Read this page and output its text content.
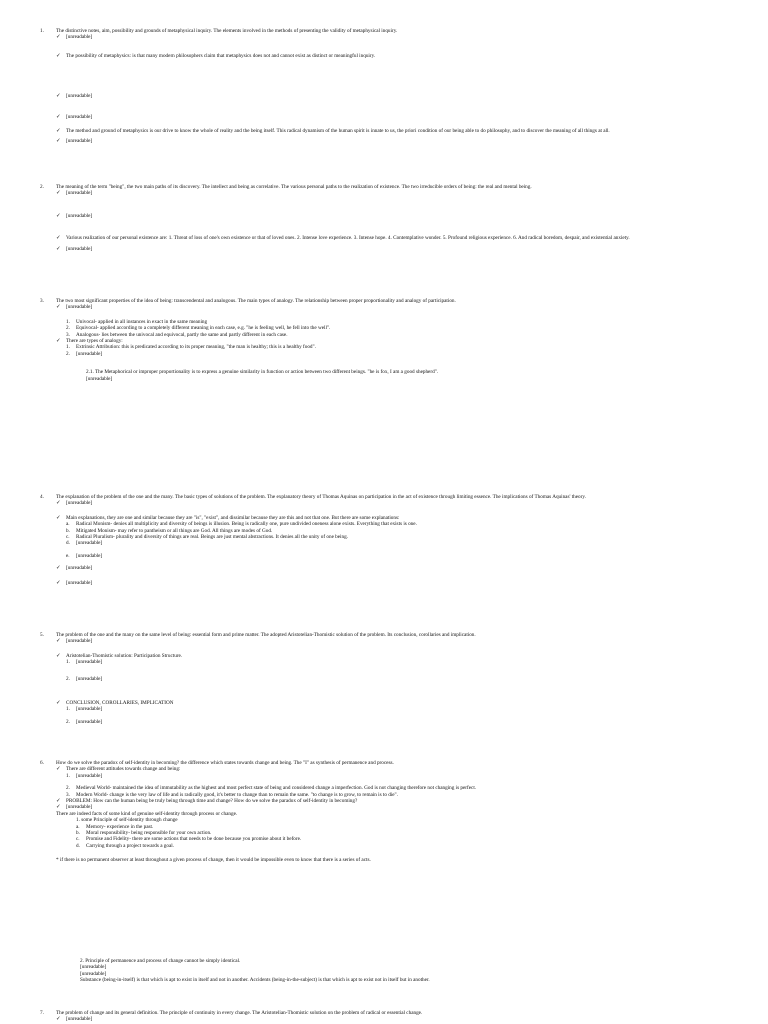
1. The distinctive notes, aim, possibility and grounds of metaphysical inquiry. The elements involved in the methods of presenting the validity of metaphysical inquiry.
✓ [unreadable]
✓ The possibility of metaphysics: is that many modern philosophers claim that metaphysics does not and cannot exist as distinct or meaningful inquiry.
✓ [unreadable]
✓ [unreadable]
✓ The method and ground of metaphysics is our drive to know the whole of reality and the being itself. This radical dynamism of the human spirit is innate to us, the priori condition of our being able to do philosophy, and to discover the meaning of all things at all.
✓ [unreadable]
2. The meaning of the term "being", the two main paths of its discovery. The intellect and being as correlative. The various personal paths to the realization of existence. The two irreducible orders of being: the real and mental being.
✓ [unreadable]
✓ [unreadable]
✓ Various realization of our personal existence are: 1. Threat of loss of one's own existence or that of loved ones. 2. Intense love experience. 3. Intense hope. 4. Contemplative wonder. 5. Profound religious experience. 6. And radical boredom, despair, and existential anxiety.
✓ [unreadable]
3. The two most significant properties of the idea of being: transcendental and analogous. The main types of analogy. The relationship between proper proportionality and analogy of participation.
✓ [unreadable]
1. Univocal- applied in all instances in exact in the same meaning
2. Equivocal- applied according to a completely different meaning in each case, e.g. "he is feeling well, he fell into the well".
3. Analogous- lies between the univocal and equivocal, partly the same and partly different in each case.
✓ There are types of analogy:
1. Extrinsic Attribution: this is predicated according to its proper meaning, "the man is healthy; this is a healthy food".
2. [unreadable]
2.1. The Metaphorical or improper proportionality is to express a genuine similarity in function or action between two different beings. "he is fox, I am a good shepherd".
[unreadable]
4. The explanation of the problem of the one and the many. The basic types of solutions of the problem. The explanatory theory of Thomas Aquinas on participation in the act of existence through limiting essence. The implications of Thomas Aquinas' theory.
✓ [unreadable]
✓ Main explanations, they are one and similar because they are "is", "exist", and dissimilar because they are this and not that one. But there are some explanations:
a. Radical Monism- denies all multiplicity and diversity of beings is illusion. Being is radically one, pure undivided oneness alone exists. Everything that exists is one.
b. Mitigated Monism- may refer to pantheism or all things are God. All things are modes of God.
c. Radical Pluralism- plurality and diversity of things are real. Beings are just mental abstractions. It denies all the unity of one being.
d. [unreadable]
e. [unreadable]
✓ [unreadable]
✓ [unreadable]
5. The problem of the one and the many on the same level of being: essential form and prime matter. The adopted Aristotelian-Thomistic solution of the problem. Its conclusion, corollaries and implication.
✓ [unreadable]
✓ Aristotelian-Thomistic solution: Participation Structure.
1. [unreadable]
2. [unreadable]
✓ CONCLUSION, COROLLARIES, IMPLICATION
1. [unreadable]
2. [unreadable]
6. How do we solve the paradox of self-identity in becoming? the difference which states towards change and being. The "I" as synthesis of permanence and process.
✓ There are different attitudes towards change and being:
1. [unreadable]
2. Medieval World- maintained the idea of immutability as the highest and most perfect state of being and considered change a imperfection. God is not changing therefore not changing is perfect.
3. Modern World- change is the very law of life and is radically good, it's better to change than to remain the same. "to change is to grow, to remain is to die".
✓ PROBLEM: How can the human being be truly being through time and change? How do we solve the paradox of self-identity in becoming?
✓ [unreadable]
There are indeed facts of some kind of genuine self-identity through process or change.
1. some Principle of self-identity through change
a. Memory- experience in the past.
b. Moral responsibility- being responsible for your own action.
c. Promise and Fidelity- there are some actions that needs to be done because you promise about it before.
d. Carrying through a project towards a goal.
* if there is no permanent observer at least throughout a given process of change, then it would be impossible even to know that there is a series of acts.
2. Principle of permanence and process of change cannot be simply identical.
[unreadable]
[unreadable]
Substance (being-in-itself) is that which is apt to exist in itself and not in another. Accidents (being-in-the-subject) is that which is apt to exist not in itself but in another.
7. The problem of change and its general definition. The principle of continuity in every change. The Aristotelian-Thomistic solution on the problem of radical or essential change.
✓ [unreadable]
